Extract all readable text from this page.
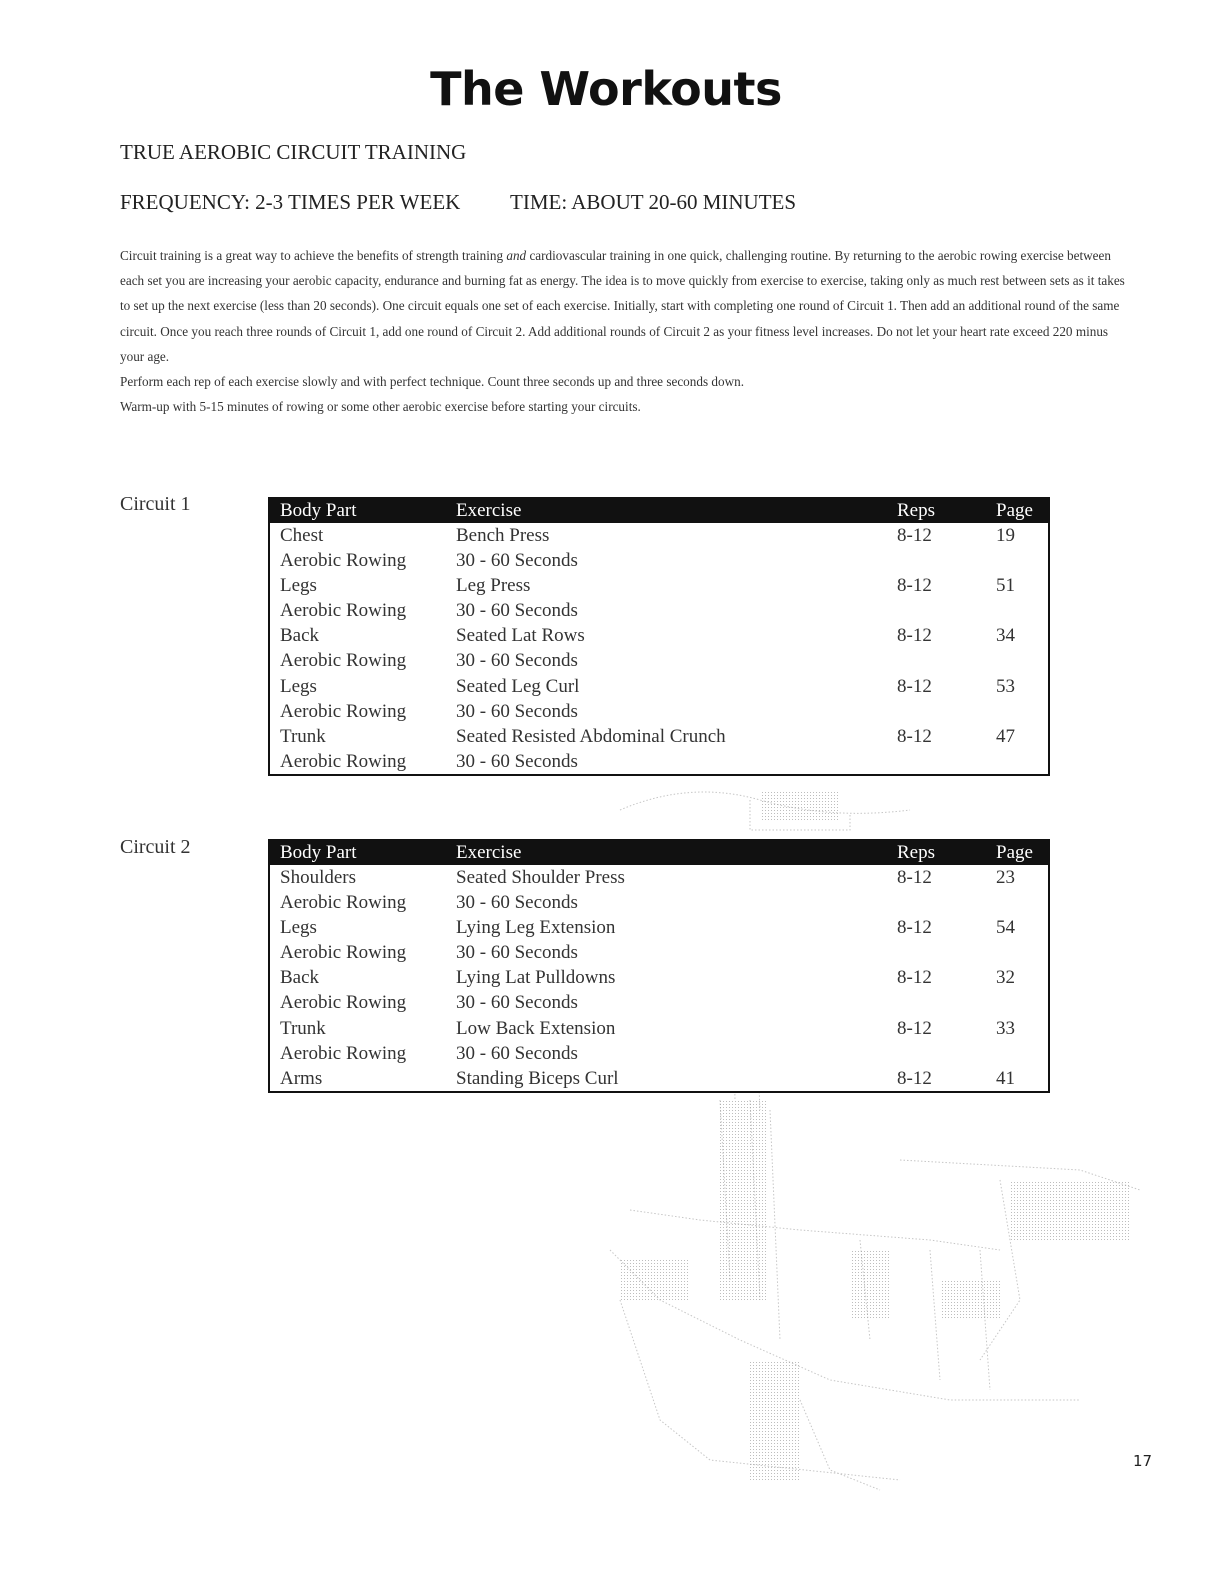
The Workouts
TRUE AEROBIC CIRCUIT TRAINING
FREQUENCY: 2-3 TIMES PER WEEK TIME: ABOUT 20-60 MINUTES

Circuit training is a great way to achieve the benefits of strength training and cardiovascular training in one quick, challenging routine. By returning to the aerobic rowing exercise between each set you are increasing your aerobic capacity, endurance and burning fat as energy. The idea is to move quickly from exercise to exercise, taking only as much rest between sets as it takes to set up the next exercise (less than 20 seconds). One circuit equals one set of each exercise. Initially, start with completing one round of Circuit 1. Then add an additional round of the same circuit. Once you reach three rounds of Circuit 1, add one round of Circuit 2. Add additional rounds of Circuit 2 as your fitness level increases. Do not let your heart rate exceed 220 minus your age.

Perform each rep of each exercise slowly and with perfect technique. Count three seconds up and three seconds down.

Warm-up with 5-15 minutes of rowing or some other aerobic exercise before starting your circuits.

Circuit 1	Body Part	Exercise	Reps	Page
Chest	Bench Press	8-12	19
Aerobic Rowing	30 - 60 Seconds
Legs	Leg Press	8-12	51
Aerobic Rowing	30 - 60 Seconds
Back	Seated Lat Rows	8-12	34
Aerobic Rowing	30 - 60 Seconds
Legs	Seated Leg Curl	8-12	53
Aerobic Rowing	30 - 60 Seconds
Trunk	Seated Resisted Abdominal Crunch	8-12	47
Aerobic Rowing	30 - 60 Seconds
Circuit 2	Body Part	Exercise	Reps	Page
Shoulders	Seated Shoulder Press	8-12	23
Aerobic Rowing	30 - 60 Seconds
Legs	Lying Leg Extension	8-12	54
Aerobic Rowing	30 - 60 Seconds
Back	Lying Lat Pulldowns	8-12	32
Aerobic Rowing	30 - 60 Seconds
Trunk	Low Back Extension	8-12	33
Aerobic Rowing	30 - 60 Seconds
Arms	Standing Biceps Curl	8-12	41
17
